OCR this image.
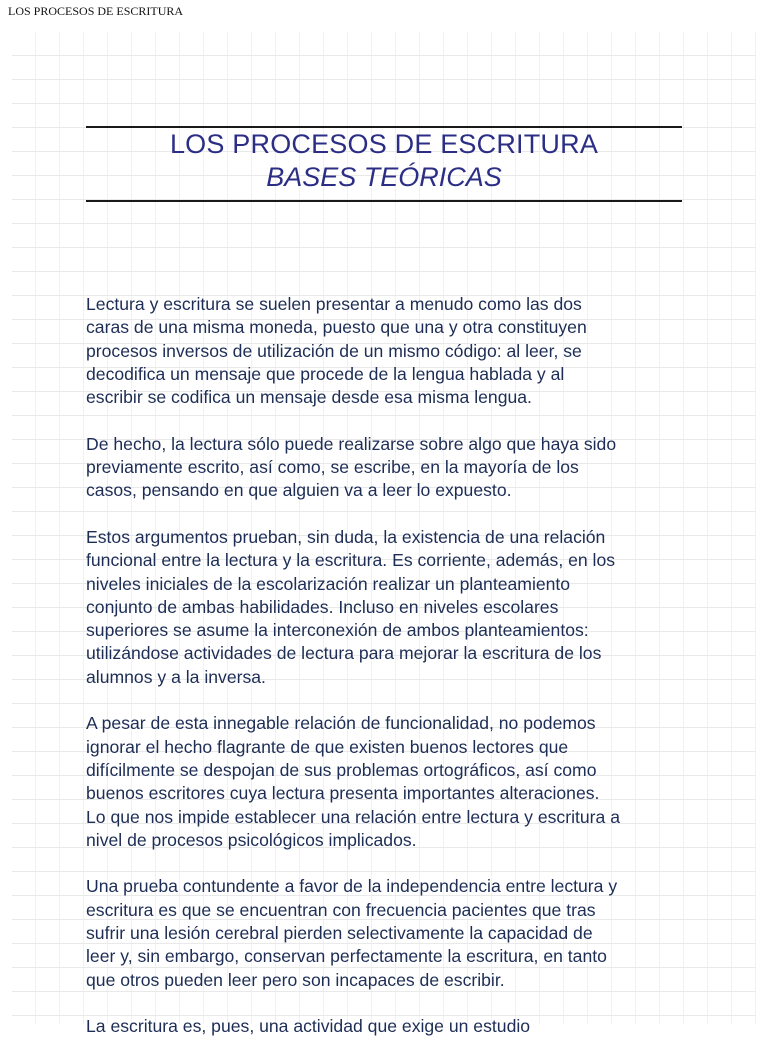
LOS PROCESOS DE ESCRITURA
LOS PROCESOS DE ESCRITURA
BASES TEÓRICAS

Lectura y escritura se suelen presentar a menudo como las dos
caras de una misma moneda, puesto que una y otra constituyen
procesos inversos de utilización de un mismo código: al leer, se
decodifica un mensaje que procede de la lengua hablada y al
escribir se codifica un mensaje desde esa misma lengua.

De hecho, la lectura sólo puede realizarse sobre algo que haya sido
previamente escrito, así como, se escribe, en la mayoría de los
casos, pensando en que alguien va a leer lo expuesto.

Estos argumentos prueban, sin duda, la existencia de una relación
funcional entre la lectura y la escritura. Es corriente, además, en los
niveles iniciales de la escolarización realizar un planteamiento
conjunto de ambas habilidades. Incluso en niveles escolares
superiores se asume la interconexión de ambos planteamientos:
utilizándose actividades de lectura para mejorar la escritura de los
alumnos y a la inversa.

A pesar de esta innegable relación de funcionalidad, no podemos
ignorar el hecho flagrante de que existen buenos lectores que
difícilmente se despojan de sus problemas ortográficos, así como
buenos escritores cuya lectura presenta importantes alteraciones.
Lo que nos impide establecer una relación entre lectura y escritura a
nivel de procesos psicológicos implicados.

Una prueba contundente a favor de la independencia entre lectura y
escritura es que se encuentran con frecuencia pacientes que tras
sufrir una lesión cerebral pierden selectivamente la capacidad de
leer y, sin embargo, conservan perfectamente la escritura, en tanto
que otros pueden leer pero son incapaces de escribir.

La escritura es, pues, una actividad que exige un estudio
